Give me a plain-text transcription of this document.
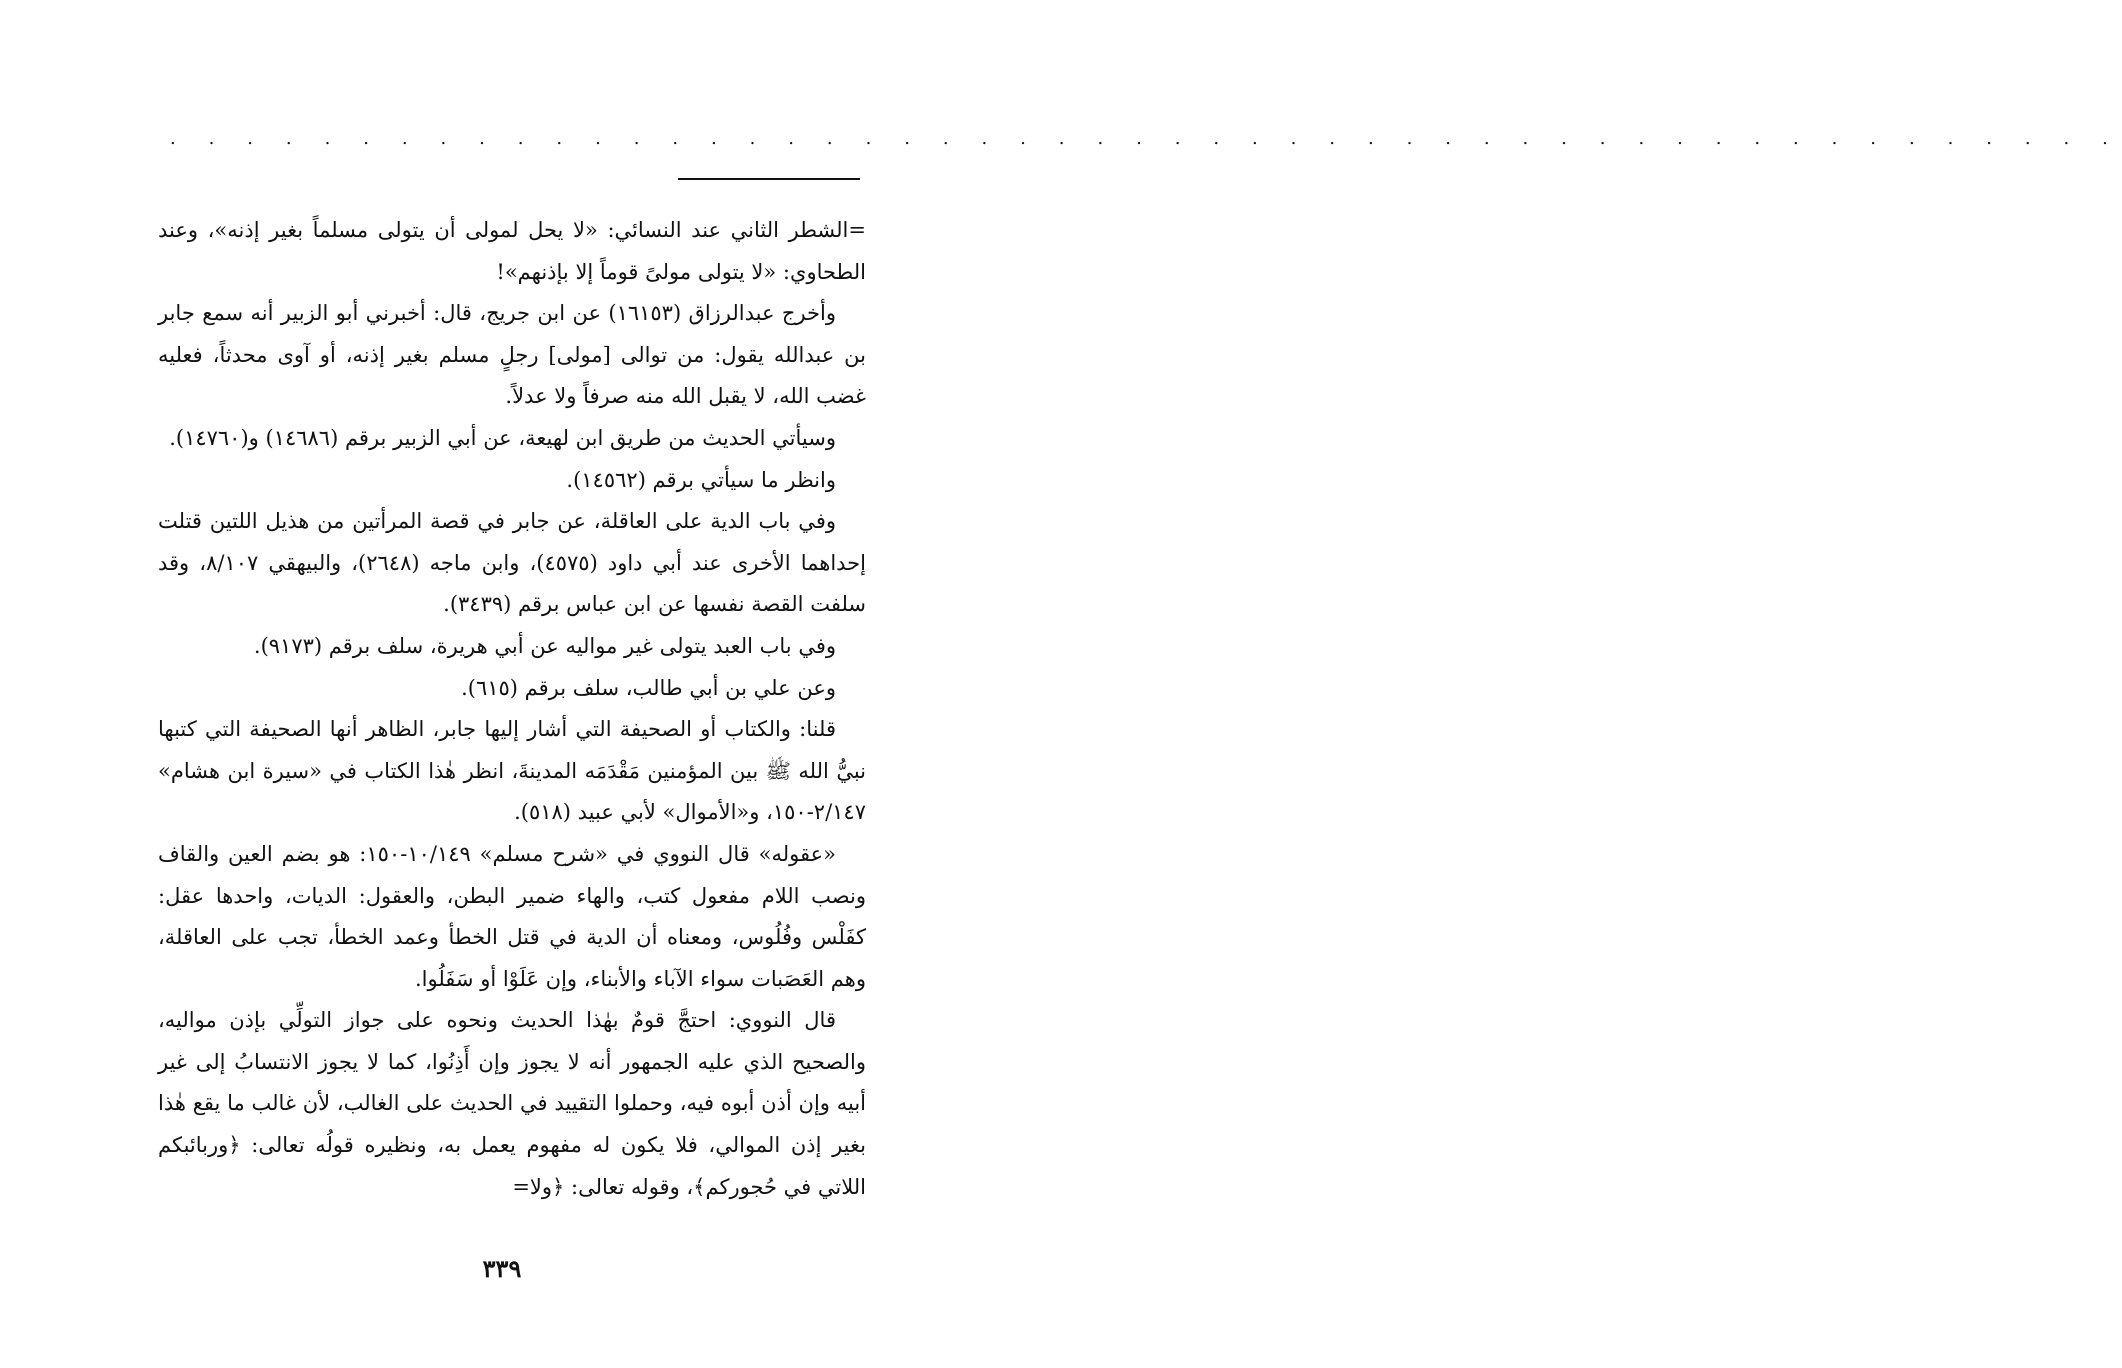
. . . . . . . . . . . . . . . . . . . . . . . . . . . . . . . . . . . . . . . . . . . . . . . . . . .

=الشطر الثاني عند النسائي: «لا يحل لمولى أن يتولى مسلماً بغير إذنه»، وعند الطحاوي: «لا يتولى مولىً قوماً إلا بإذنهم»!

وأخرج عبدالرزاق (١٦١٥٣) عن ابن جريج، قال: أخبرني أبو الزبير أنه سمع جابر بن عبدالله يقول: من توالى [مولى] رجلٍ مسلم بغير إذنه، أو آوى محدثاً، فعليه غضب الله، لا يقبل الله منه صرفاً ولا عدلاً.

وسيأتي الحديث من طريق ابن لهيعة، عن أبي الزبير برقم (١٤٦٨٦) و(١٤٧٦٠).

وانظر ما سيأتي برقم (١٤٥٦٢).

وفي باب الدية على العاقلة، عن جابر في قصة المرأتين من هذيل اللتين قتلت إحداهما الأخرى عند أبي داود (٤٥٧٥)، وابن ماجه (٢٦٤٨)، والبيهقي ٨/١٠٧، وقد سلفت القصة نفسها عن ابن عباس برقم (٣٤٣٩).

وفي باب العبد يتولى غير مواليه عن أبي هريرة، سلف برقم (٩١٧٣).

وعن علي بن أبي طالب، سلف برقم (٦١٥).

قلنا: والكتاب أو الصحيفة التي أشار إليها جابر، الظاهر أنها الصحيفة التي كتبها نبيُّ الله ﷺ بين المؤمنين مَقْدَمَه المدينةَ، انظر هٰذا الكتاب في «سيرة ابن هشام» ٢/١٤٧-١٥٠، و«الأموال» لأبي عبيد (٥١٨).

«عقوله» قال النووي في «شرح مسلم» ١٠/١٤٩-١٥٠: هو بضم العين والقاف ونصب اللام مفعول كتب، والهاء ضمير البطن، والعقول: الديات، واحدها عقل: كفَلْس وفُلُوس، ومعناه أن الدية في قتل الخطأ وعمد الخطأ، تجب على العاقلة، وهم العَصَبات سواء الآباء والأبناء، وإن عَلَوْا أو سَفَلُوا.

قال النووي: احتجَّ قومٌ بهٰذا الحديث ونحوه على جواز التولِّي بإذن مواليه، والصحيح الذي عليه الجمهور أنه لا يجوز وإن أَذِنُوا، كما لا يجوز الانتسابُ إلى غير أبيه وإن أذن أبوه فيه، وحملوا التقييد في الحديث على الغالب، لأن غالب ما يقع هٰذا بغير إذن الموالي، فلا يكون له مفهوم يعمل به، ونظيره قولُه تعالى: ﴿وربائبكم اللاتي في حُجوركم﴾، وقوله تعالى: ﴿ولا=

٣٣٩
